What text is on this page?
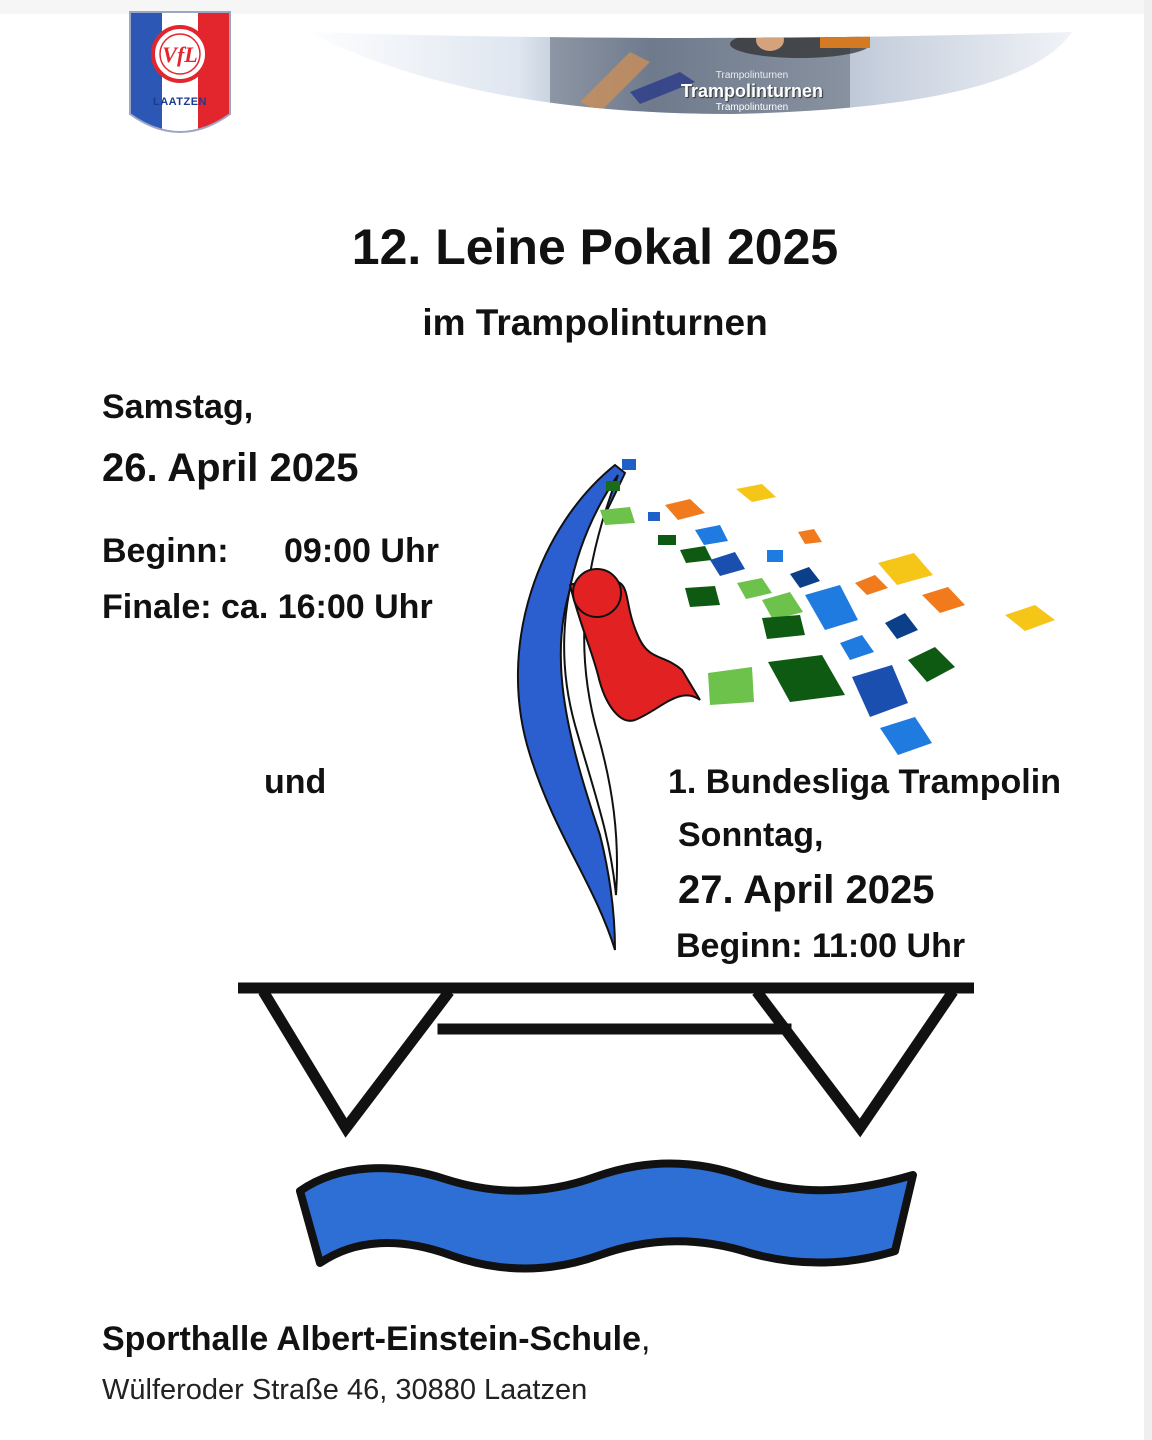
VfL
LAATZEN
Trampolinturnen
Trampolinturnen
Trampolinturnen
12. Leine Pokal 2025
im Trampolinturnen
Samstag,
26. April 2025
Beginn: 09:00 Uhr
Finale: ca. 16:00 Uhr
und	1. Bundesliga Trampolin
Sonntag,
27. April 2025
Beginn: 11:00 Uhr
Sporthalle Albert-Einstein-Schule,
Wülferoder Straße 46, 30880 Laatzen
